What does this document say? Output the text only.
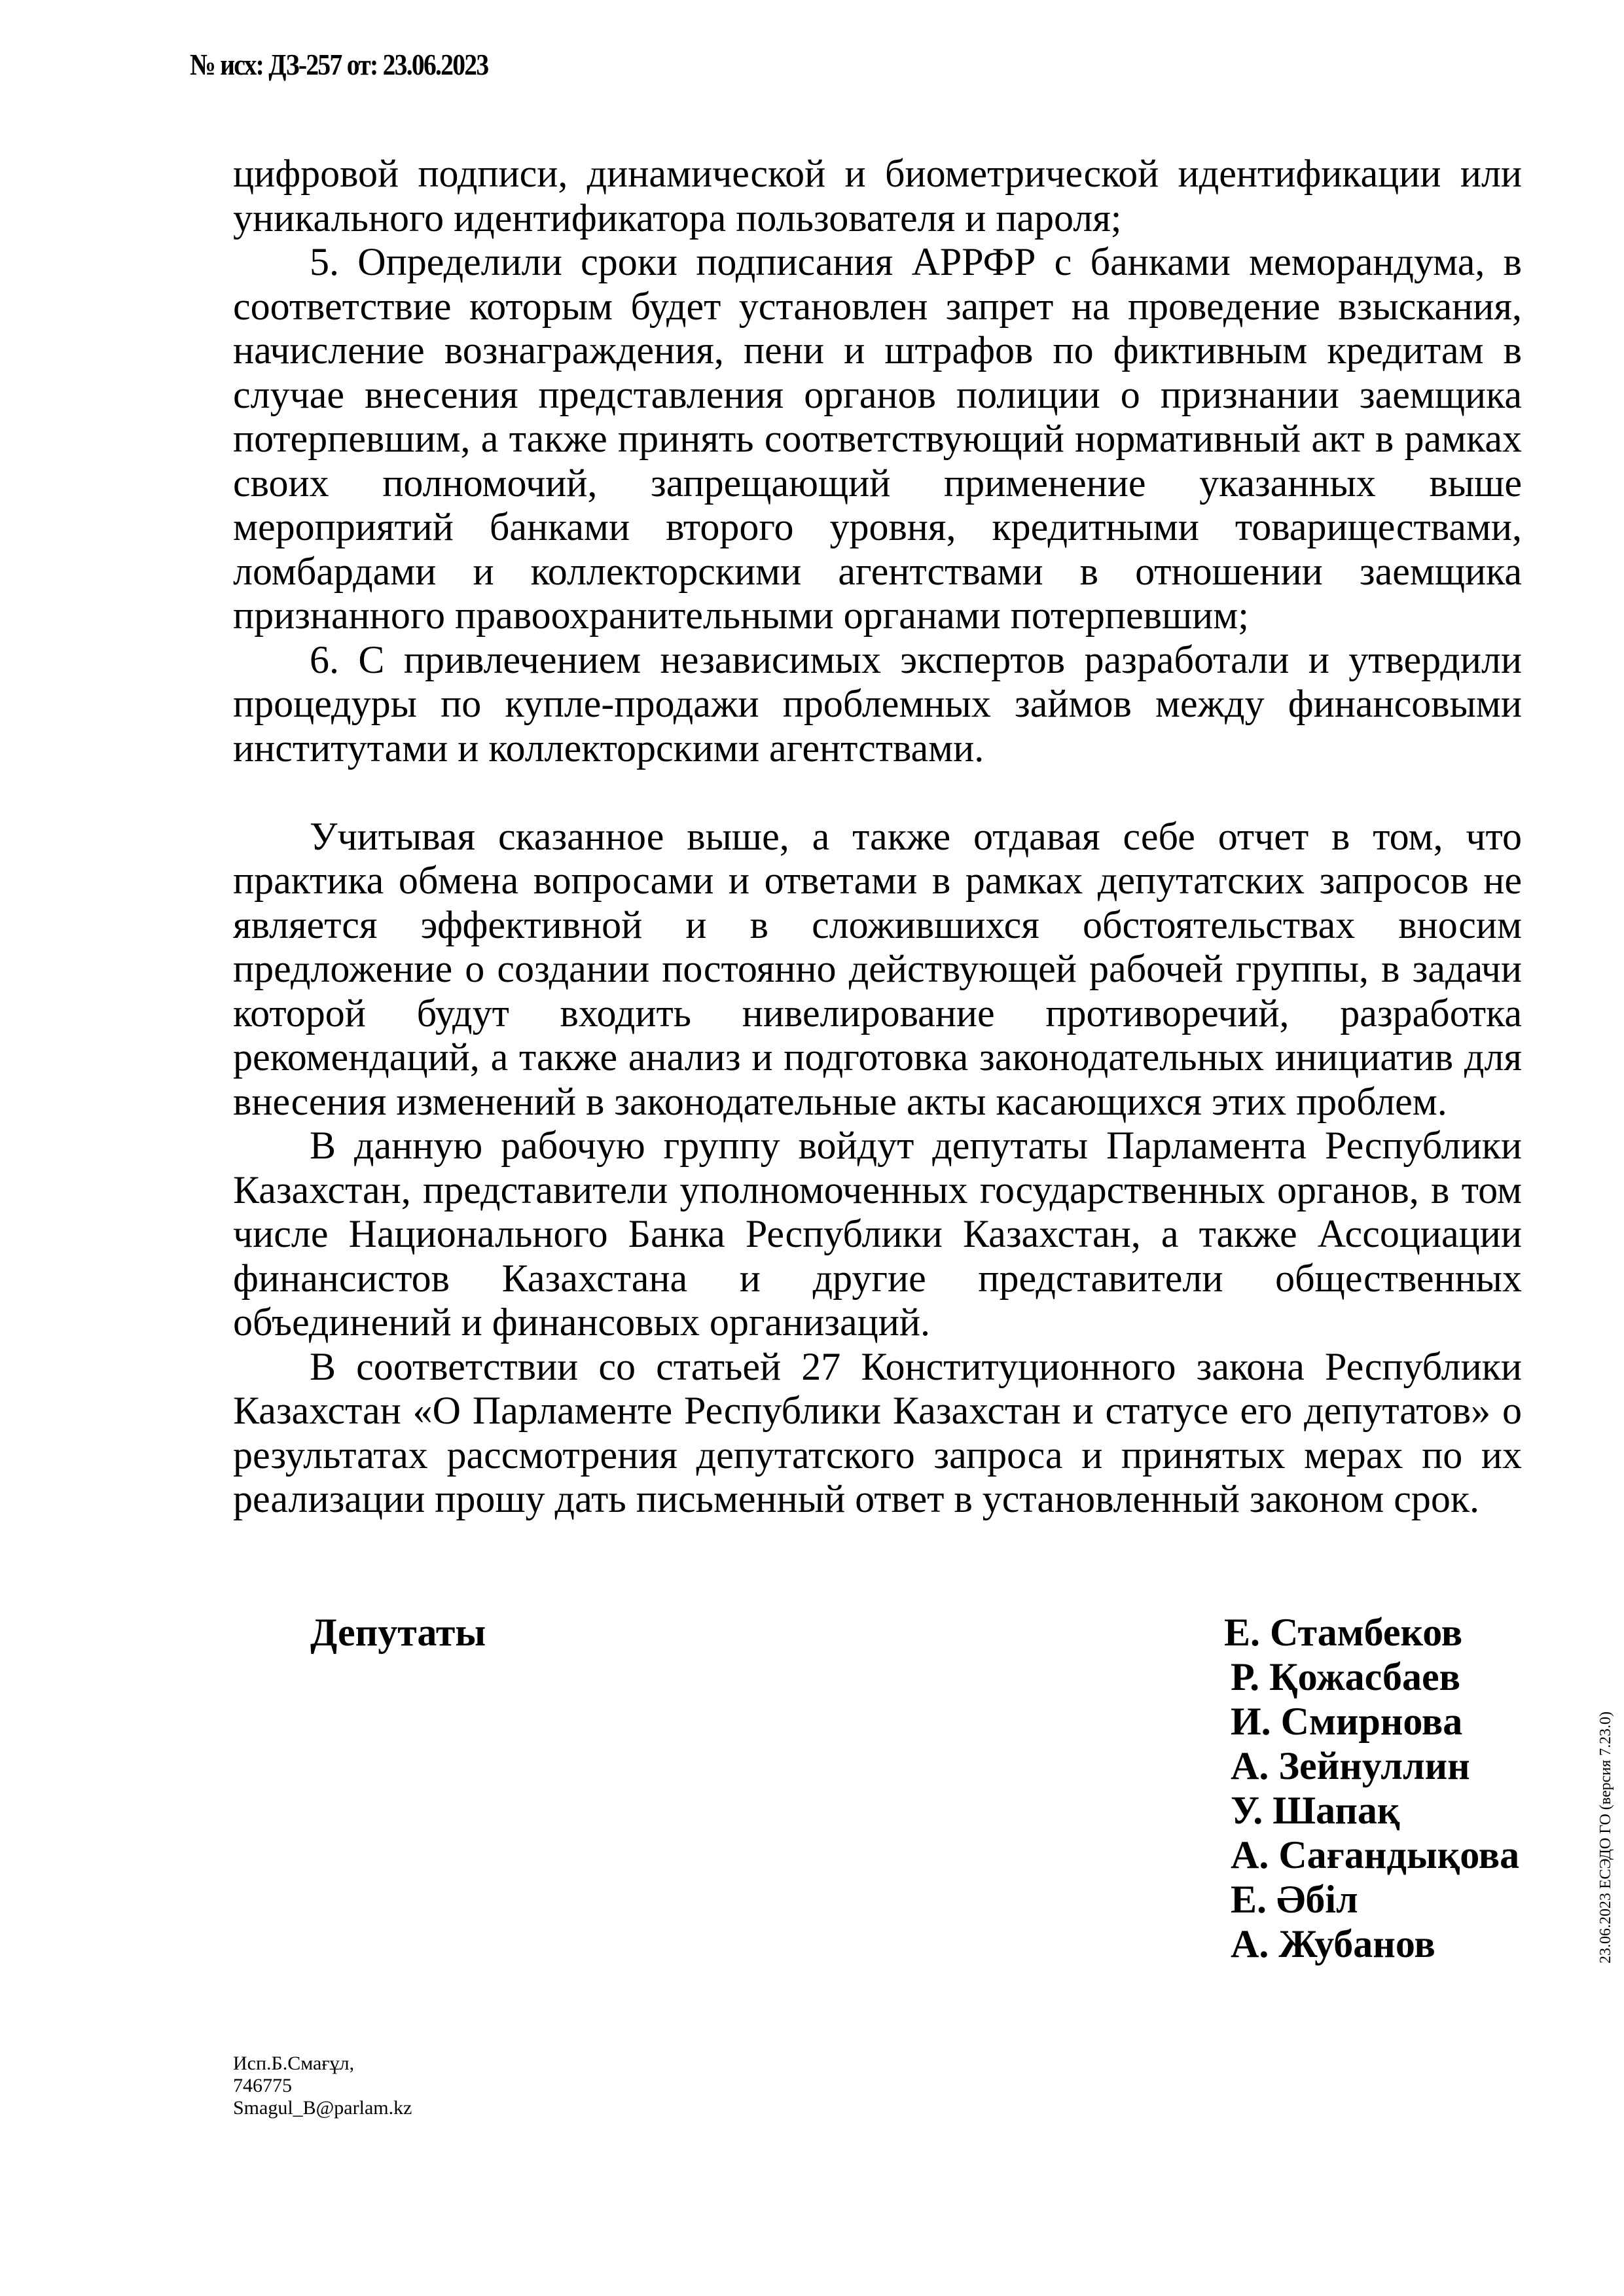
№ исх: ДЗ-257 от: 23.06.2023

цифровой подписи, динамической и биометрической идентификации или уникального идентификатора пользователя и пароля;

5. Определили сроки подписания АРРФР с банками меморандума, в соответствие которым будет установлен запрет на проведение взыскания, начисление вознаграждения, пени и штрафов по фиктивным кредитам в случае внесения представления органов полиции о признании заемщика потерпевшим, а также принять соответствующий нормативный акт в рамках своих полномочий, запрещающий применение указанных выше мероприятий банками второго уровня, кредитными товариществами, ломбардами и коллекторскими агентствами в отношении заемщика признанного правоохранительными органами потерпевшим;

6. С привлечением независимых экспертов разработали и утвердили процедуры по купле-продажи проблемных займов между финансовыми институтами и коллекторскими агентствами.

Учитывая сказанное выше, а также отдавая себе отчет в том, что практика обмена вопросами и ответами в рамках депутатских запросов не является эффективной и в сложившихся обстоятельствах вносим предложение о создании постоянно действующей рабочей группы, в задачи которой будут входить нивелирование противоречий, разработка рекомендаций, а также анализ и подготовка законодательных инициатив для внесения изменений в законодательные акты касающихся этих проблем.

В данную рабочую группу войдут депутаты Парламента Республики Казахстан, представители уполномоченных государственных органов, в том числе Национального Банка Республики Казахстан, а также Ассоциации финансистов Казахстана и другие представители общественных объединений и финансовых организаций.

В соответствии со статьей 27 Конституционного закона Республики Казахстан «О Парламенте Республики Казахстан и статусе его депутатов» о результатах рассмотрения депутатского запроса и принятых мерах по их реализации прошу дать письменный ответ в установленный законом срок.

Депутаты	Е. Стамбеков
Р. Қожасбаев
И. Смирнова
А. Зейнуллин
У. Шапақ
А. Сағандықова
Е. Әбіл
А. Жубанов
Исп.Б.Смағұл,
746775
Smagul_B@parlam.kz
23.06.2023 ЕСЭДО ГО (версия 7.23.0)
